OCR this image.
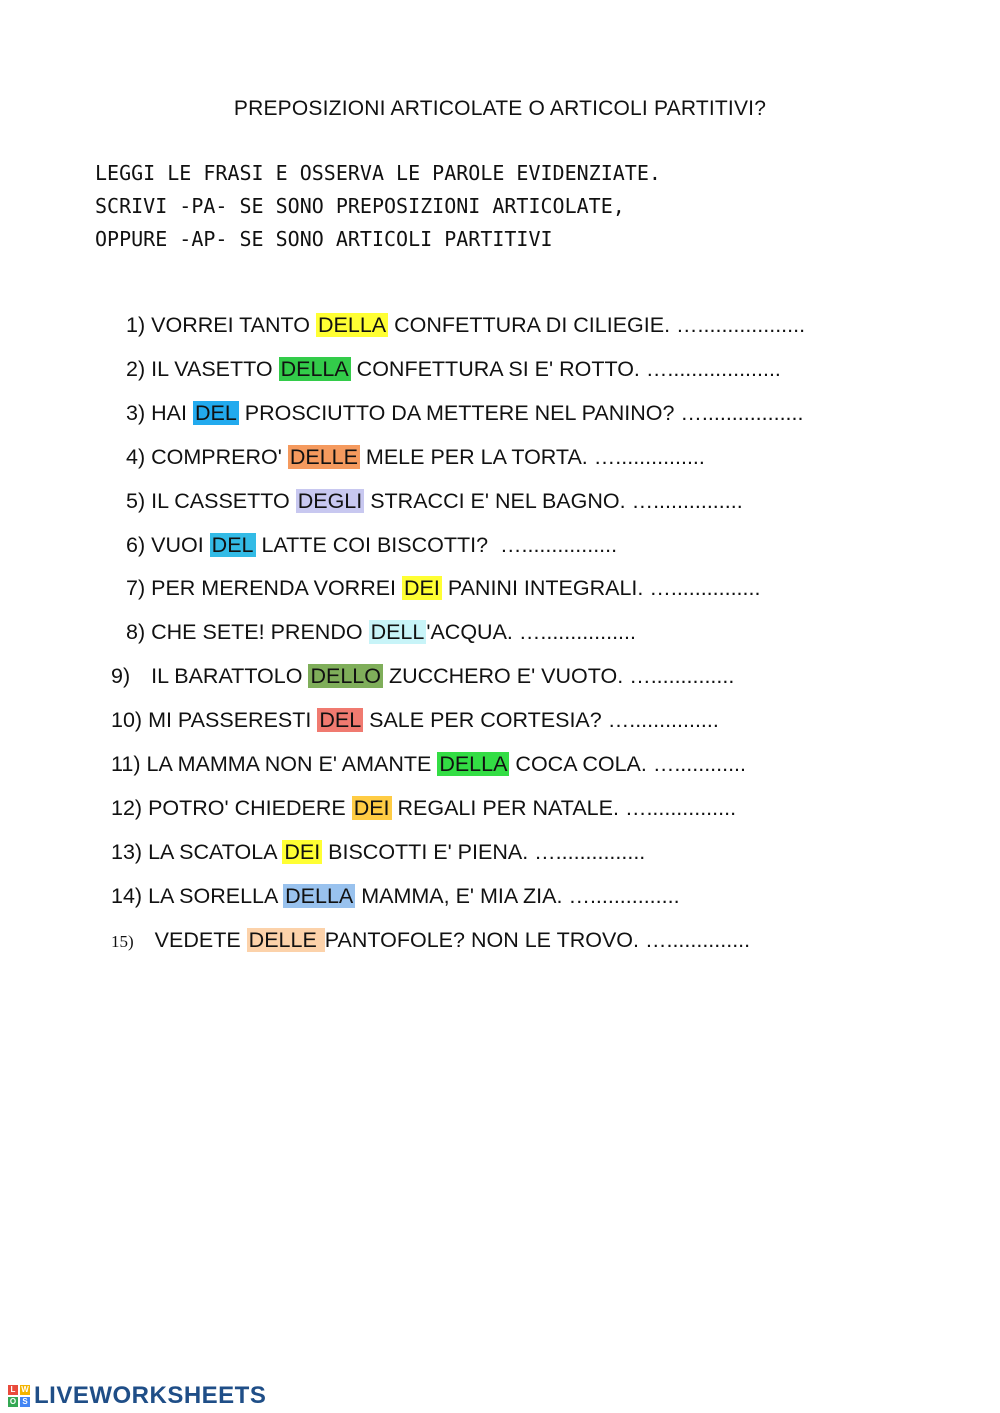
PREPOSIZIONI ARTICOLATE O ARTICOLI PARTITIVI?
LEGGI LE FRASI E OSSERVA LE PAROLE EVIDENZIATE.
SCRIVI -PA- SE SONO PREPOSIZIONI ARTICOLATE,
OPPURE -AP- SE SONO ARTICOLI PARTITIVI
1) VORREI TANTO DELLA CONFETTURA DI CILIEGIE. …..................
2) IL VASETTO DELLA CONFETTURA SI E' ROTTO. …...................
3) HAI DEL PROSCIUTTO DA METTERE NEL PANINO? ….................
4) COMPRERO' DELLE MELE PER LA TORTA. …...............
5) IL CASSETTO DEGLI STRACCI E' NEL BAGNO. …...............
6) VUOI DEL LATTE COI BISCOTTI?  …................
7) PER MERENDA VORREI DEI PANINI INTEGRALI. …...............
8) CHE SETE! PRENDO DELL'ACQUA. …................
9) IL BARATTOLO DELLO ZUCCHERO E' VUOTO. …..............
10) MI PASSERESTI DEL SALE PER CORTESIA? …...............
11) LA MAMMA NON E' AMANTE DELLA COCA COLA. …............
12) POTRO' CHIEDERE DEI REGALI PER NATALE. …...............
13) LA SCATOLA DEI BISCOTTI E' PIENA. …...............
14) LA SORELLA DELLA MAMMA, E' MIA ZIA. …...............
15) VEDETE DELLE PANTOFOLE? NON LE TROVO. …..............
L W
O S LIVEWORKSHEETS
